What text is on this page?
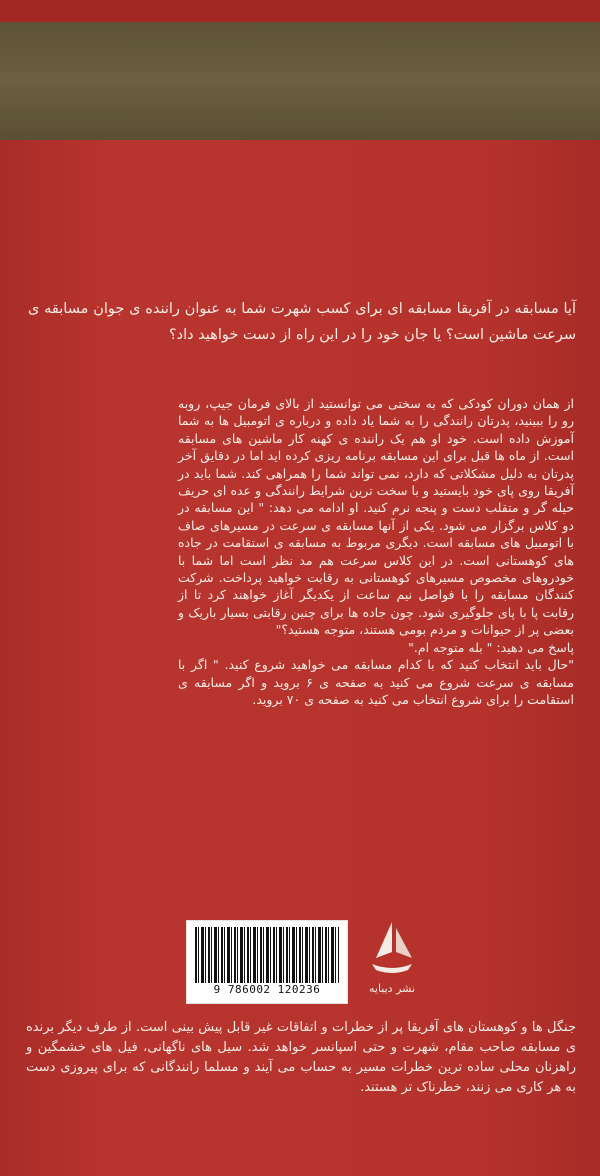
آیا مسابقه در آفریقا مسابقه ای برای کسب شهرت شما به عنوان راننده ی جوان مسابقه ی سرعت ماشین است؟ یا جان خود را در این راه از دست خواهید داد؟

از همان دوران کودکی که به سختی می توانستید از بالای فرمان جیپ، روبه رو را ببینید، پدرتان رانندگی را به شما یاد داده و درباره ی اتومبیل ها به شما آموزش داده است. خود او هم یک راننده ی کهنه کار ماشین های مسابقه است. از ماه ها قبل برای این مسابقه برنامه ریزی کرده اید اما در دقایق آخر پدرتان به دلیل مشکلاتی که دارد، نمی تواند شما را همراهی کند. شما باید در آفریقا روی پای خود بایستید و با سخت ترین شرایط رانندگی و عده ای حریف حیله گر و متقلب دست و پنجه نرم کنید. او ادامه می دهد: " این مسابقه در دو کلاس برگزار می شود. یکی از آنها مسابقه ی سرعت در مسیرهای صاف با اتومبیل های مسابقه است. دیگری مربوط به مسابقه ی استقامت در جاده های کوهستانی است. در این کلاس سرعت هم مد نظر است اما شما با خودروهای مخصوص مسیرهای کوهستانی به رقابت خواهید پرداخت. شرکت کنندگان مسابقه را با فواصل نیم ساعت از یکدیگر آغاز خواهند کرد تا از رقابت پا با پای جلوگیری شود. چون جاده ها برای چنین رقابتی بسیار باریک و بعضی پر از حیوانات و مردم بومی هستند، متوجه هستید؟"

پاسخ می دهید: " بله متوجه ام."

"حال باید انتخاب کنید که با کدام مسابقه می خواهید شروع کنید. " اگر با مسابقه ی سرعت شروع می کنید به صفحه ی ۶ بروید و اگر مسابقه ی استقامت را برای شروع انتخاب می کنید به صفحه ی ۷۰ بروید.

9 786002 120236	نشر دیبایه
جنگل ها و کوهستان های آفریقا پر از خطرات و اتفاقات غیر قابل پیش بینی است. از طرف دیگر برنده ی مسابقه صاحب مقام، شهرت و حتی اسپانسر خواهد شد. سیل های ناگهانی، فیل های خشمگین و راهزنان محلی ساده ترین خطرات مسیر به حساب می آیند و مسلما رانندگانی که برای پیروزی دست به هر کاری می زنند، خطرناک تر هستند.
